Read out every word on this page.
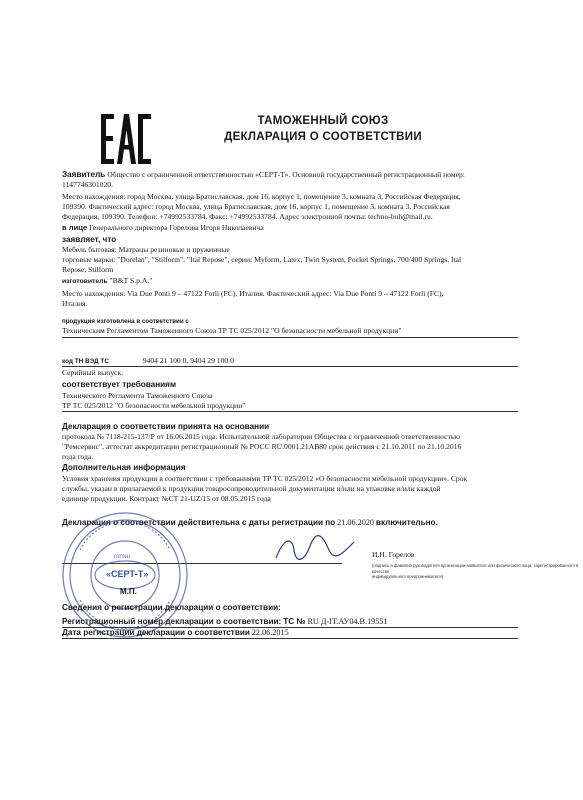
ТАМОЖЕННЫЙ СОЮЗ
ДЕКЛАРАЦИЯ О СООТВЕТСТВИИ
Заявитель Общество с ограниченной ответственностью «СЕРТ-Т». Основной государственный регистрационный номер:
1147746301020.
Место нахождения: город Москва, улица Братиславская, дом 16, корпус 1, помещение 3, комната 3, Российская Федерация,
109390. Фактический адрес: город Москва, улица Братиславская, дом 16, корпус 1, помещение 3, комната 3, Российская
Федерация, 109390. Телефон: +74992533784. Факс: +74992533784. Адрес электронной почты: techno-buh@mail.ru.
в лице Генерального директора Горелова Игоря Николаевича
заявляет, что
Мебель бытовая: Матрацы резиновые и пружинные
торговые марки: "Dorelan", "Stilform", "Ital Repose", серии: Myform, Latex, Twin System, Pocket Springs, 700/400 Springs, Ital
Repose, Stilform
изготовитель "B&T S.p.A."
Место нахождения: Via Due Ponti 9 – 47122 Forlì (FC), Италия. Фактический адрес: Via Due Ponti 9 – 47122 Forlì (FC),
Италия.
продукция изготовлена в соответствии с
Техническим Регламентом Таможенного Союза ТР ТС 025/2012 "О безопасности мебельной продукции"
код ТН ВЭД ТС	9404 21 100 0, 9404 29 100 0
Серийный выпуск.
соответствует требованиям
Технического Регламента Таможенного Союза
ТР ТС 025/2012 "О безопасности мебельной продукции"
Декларация о соответствии принята на основании
протокола № 7118-215-137/Р от 16.06.2015 года. Испытательной лаборатории Общества с ограниченной ответственностью
"Ремсервис", аттестат аккредитации регистрационный № РОСС RU.0001.21АВ80 срок действия с 21.10.2011 по 21.10.2016
года года.
Дополнительная информация
Условия хранения продукции в соответствии с требованиями ТР ТС 025/2012 «О безопасности мебельной продукции». Срок
службы, указан в прилагаемой к продукции товаросопроводительной документации и/или на упаковке и/или каждой
единице продукции. Контракт №СТ 21-UZ/15 от 08.05.2015 года
Декларация о соответствии действительна с даты регистрации по 21.06.2020 включительно.
И.Н. Горелов
(подпись и фамилия руководителя организации-заявителя или физического лица, зарегистрированного в качестве
индивидуального предпринимателя)
«СЕРТ-Т»
(ОГРН)
М.П.
Сведения о регистрации декларации о соответствии:
Регистрационный номер декларации о соответствии: ТС № RU Д-IT.АУ04.В.19551
Дата регистрации декларации о соответствии 22.06.2015
